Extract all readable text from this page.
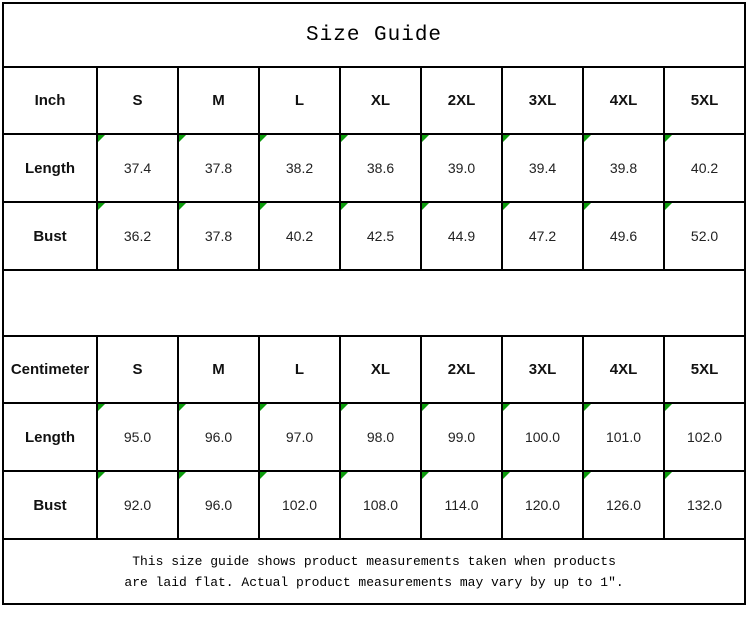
Size Guide								
Inch	S	M	L	XL	2XL	3XL	4XL	5XL
Length	37.4	37.8	38.2	38.6	39.0	39.4	39.8	40.2
Bust	36.2	37.8	40.2	42.5	44.9	47.2	49.6	52.0

Centimeter	S	M	L	XL	2XL	3XL	4XL	5XL
Length	95.0	96.0	97.0	98.0	99.0	100.0	101.0	102.0
Bust	92.0	96.0	102.0	108.0	114.0	120.0	126.0	132.0

This size guide shows product measurements taken when products
are laid flat. Actual product measurements may vary by up to 1″.								
